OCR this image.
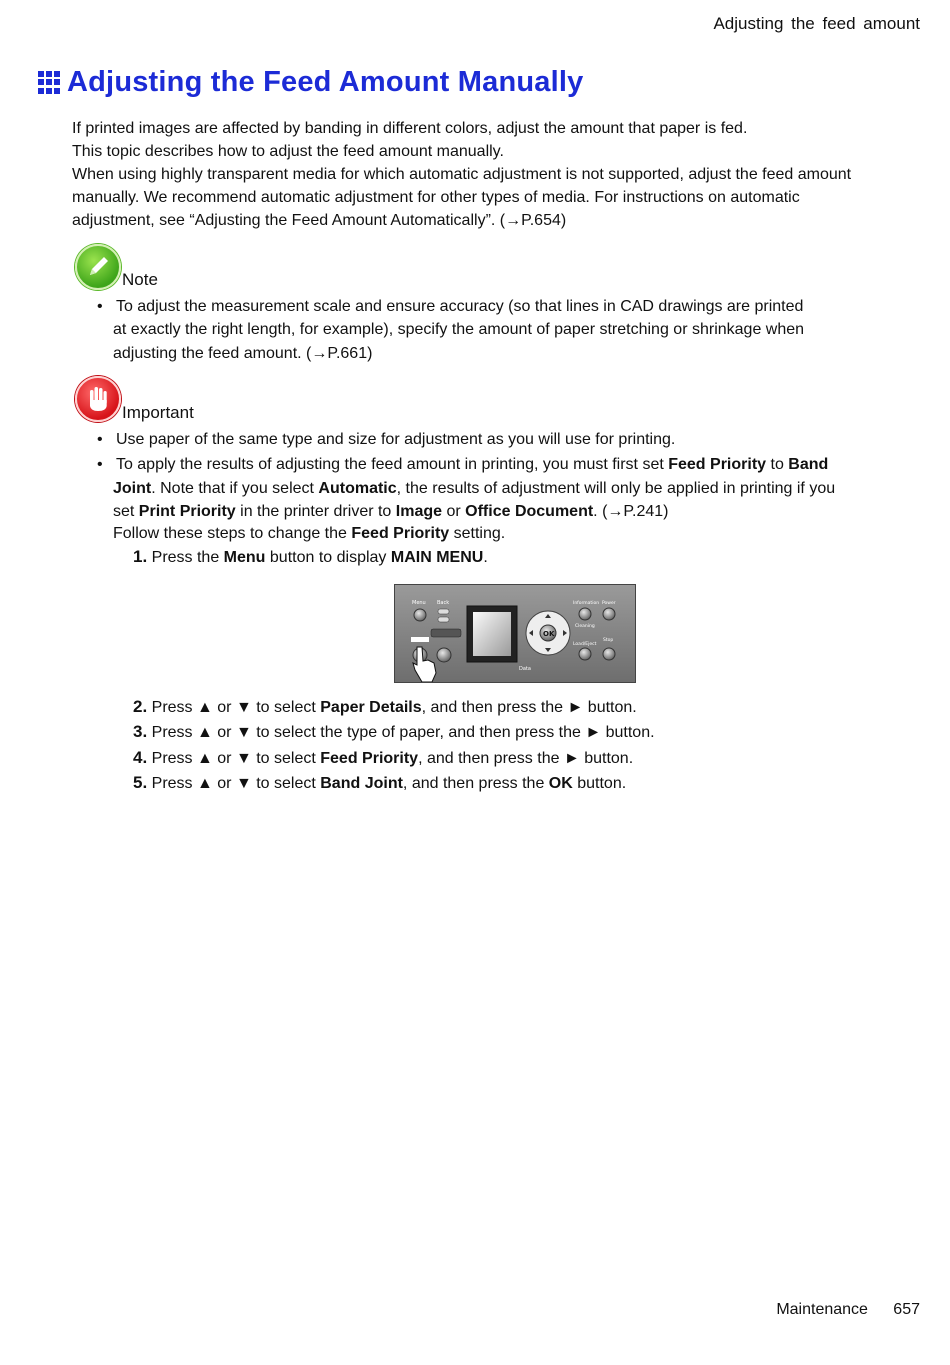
Adjusting the feed amount
Adjusting the Feed Amount Manually
If printed images are affected by banding in different colors, adjust the amount that paper is fed.
This topic describes how to adjust the feed amount manually.
When using highly transparent media for which automatic adjustment is not supported, adjust the feed amount
manually. We recommend automatic adjustment for other types of media. For instructions on automatic
adjustment, see “Adjusting the Feed Amount Automatically”. (→P.654)
Note
•   To adjust the measurement scale and ensure accuracy (so that lines in CAD drawings are printed
at exactly the right length, for example), specify the amount of paper stretching or shrinkage when
adjusting the feed amount. (→P.661)
Important
•   Use paper of the same type and size for adjustment as you will use for printing.
•   To apply the results of adjusting the feed amount in printing, you must first set Feed Priority to Band
Joint. Note that if you select Automatic, the results of adjustment will only be applied in printing if you
set Print Priority in the printer driver to Image or Office Document. (→P.241)
Follow these steps to change the Feed Priority setting.
1. Press the Menu button to display MAIN MENU.
Menu Back
OK
Data
Information Power
Cleaning
Load/Eject
Stop
2. Press ▲ or ▼ to select Paper Details, and then press the ► button.
3. Press ▲ or ▼ to select the type of paper, and then press the ► button.
4. Press ▲ or ▼ to select Feed Priority, and then press the ► button.
5. Press ▲ or ▼ to select Band Joint, and then press the OK button.
Maintenance 657
